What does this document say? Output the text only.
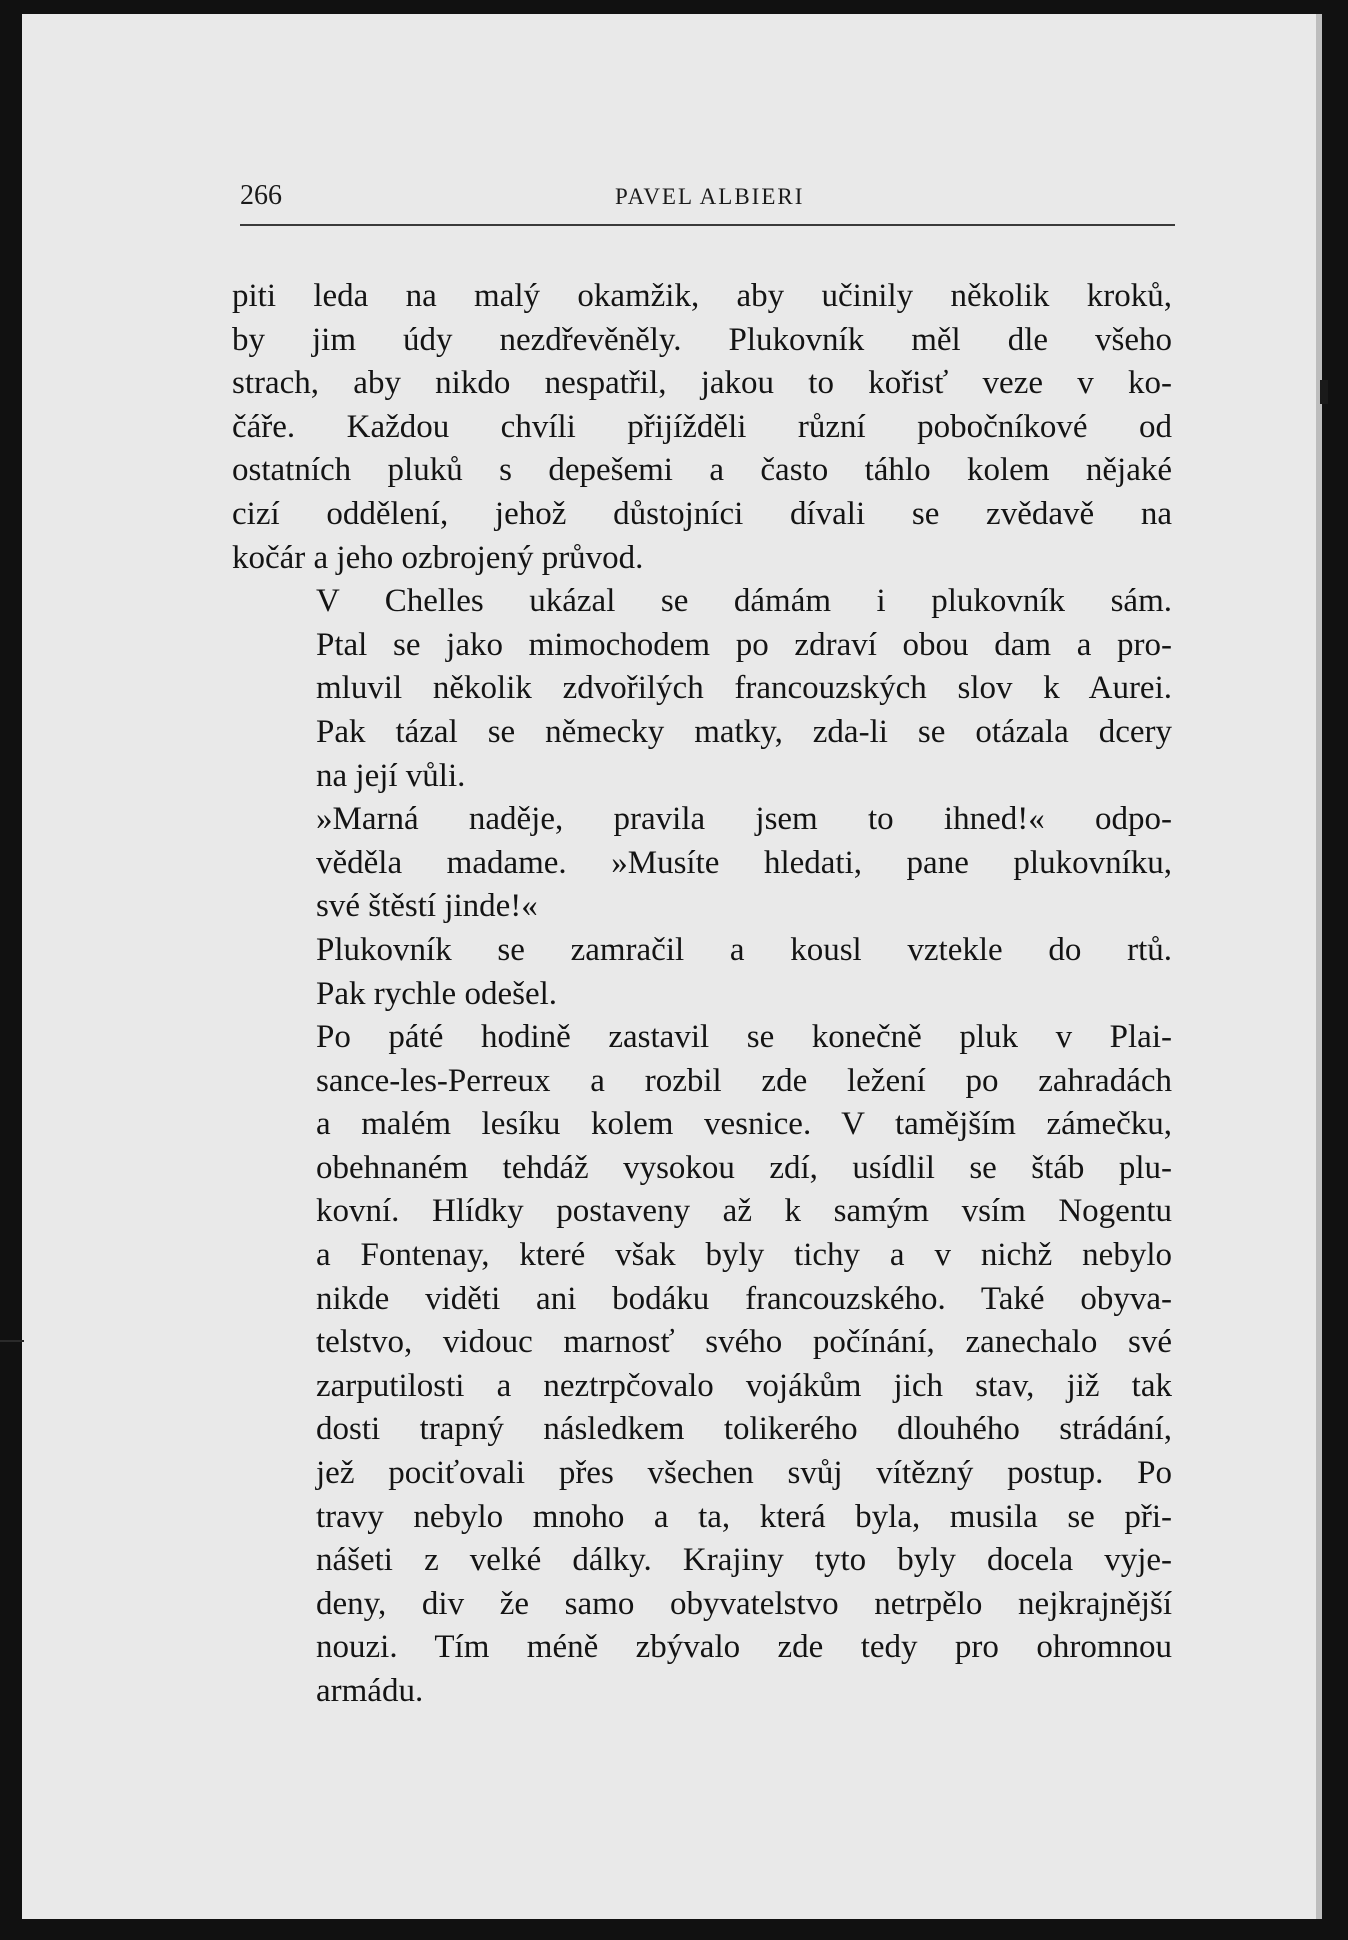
266	PAVEL ALBIERI

piti leda na malý okamžik, aby učinily několik kroků,
by jim údy nezdřevěněly. Plukovník měl dle všeho
strach, aby nikdo nespatřil, jakou to kořisť veze v ko-
čáře. Každou chvíli přijížděli různí pobočníkové od
ostatních pluků s depešemi a často táhlo kolem nějaké
cizí oddělení, jehož důstojníci dívali se zvědavě na
kočár a jeho ozbrojený průvod.

V Chelles ukázal se dámám i plukovník sám.
Ptal se jako mimochodem po zdraví obou dam a pro-
mluvil několik zdvořilých francouzských slov k Aurei.
Pak tázal se německy matky, zda-li se otázala dcery
na její vůli.

»Marná naděje, pravila jsem to ihned!« odpo-
věděla madame. »Musíte hledati, pane plukovníku,
své štěstí jinde!«

Plukovník se zamračil a kousl vztekle do rtů.
Pak rychle odešel.

Po páté hodině zastavil se konečně pluk v Plai-
sance-les-Perreux a rozbil zde ležení po zahradách
a malém lesíku kolem vesnice. V tamějším zámečku,
obehnaném tehdáž vysokou zdí, usídlil se štáb plu-
kovní. Hlídky postaveny až k samým vsím Nogentu
a Fontenay, které však byly tichy a v nichž nebylo
nikde viděti ani bodáku francouzského. Také obyva-
telstvo, vidouc marnosť svého počínání, zanechalo své
zarputilosti a neztrpčovalo vojákům jich stav, již tak
dosti trapný následkem tolikerého dlouhého strádání,
jež pociťovali přes všechen svůj vítězný postup. Po
travy nebylo mnoho a ta, která byla, musila se při-
nášeti z velké dálky. Krajiny tyto byly docela vyje-
deny, div že samo obyvatelstvo netrpělo nejkrajnější
nouzi. Tím méně zbývalo zde tedy pro ohromnou
armádu.
